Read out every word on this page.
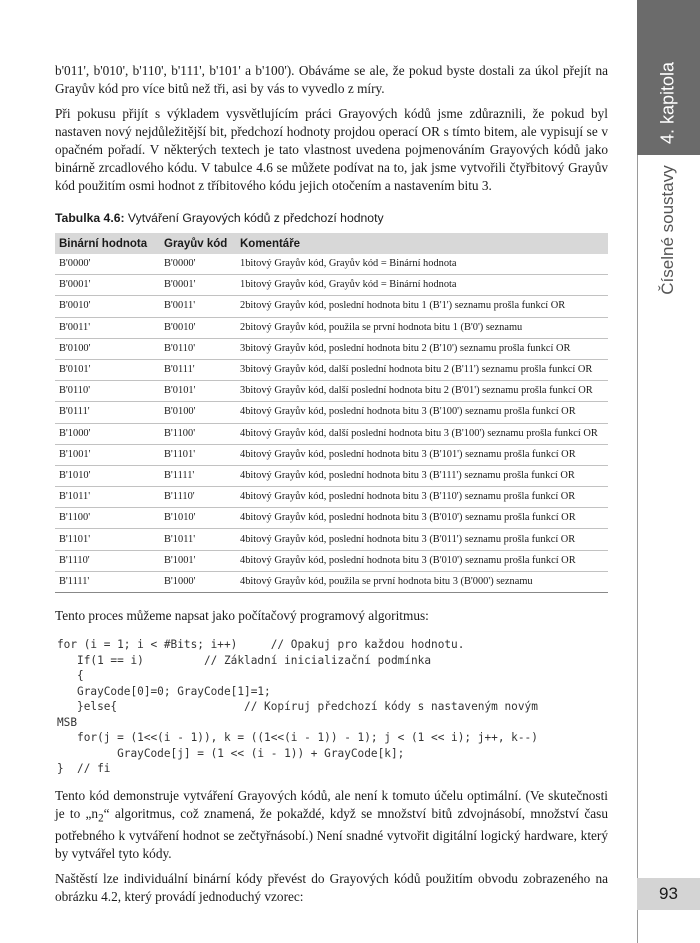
4. kapitola
Číselné soustavy
93

b'011', b'010', b'110', b'111', b'101' a b'100'). Obáváme se ale, že pokud byste dostali za úkol přejít na Grayův kód pro více bitů než tři, asi by vás to vyvedlo z míry.

Při pokusu přijít s výkladem vysvětlujícím práci Grayových kódů jsme zdůraznili, že pokud byl nastaven nový nejdůležitější bit, předchozí hodnoty projdou operací OR s tímto bitem, ale vypisují se v opačném pořadí. V některých textech je tato vlastnost uvedena pojmenováním Grayových kódů jako binárně zrcadlového kódu. V tabulce 4.6 se můžete podívat na to, jak jsme vytvořili čtyřbitový Grayův kód použitím osmi hodnot z tříbitového kódu jejich otočením a nastavením bitu 3.

Tabulka 4.6: Vytváření Grayových kódů z předchozí hodnoty
Binární hodnota	Grayův kód	Komentáře
B'0000'	B'0000'	1bitový Grayův kód, Grayův kód = Binární hodnota
B'0001'	B'0001'	1bitový Grayův kód, Grayův kód = Binární hodnota
B'0010'	B'0011'	2bitový Grayův kód, poslední hodnota bitu 1 (B'1') seznamu prošla funkcí OR
B'0011'	B'0010'	2bitový Grayův kód, použila se první hodnota bitu 1 (B'0') seznamu
B'0100'	B'0110'	3bitový Grayův kód, poslední hodnota bitu 2 (B'10') seznamu prošla funkcí OR
B'0101'	B'0111'	3bitový Grayův kód, další poslední hodnota bitu 2 (B'11') seznamu prošla funkcí OR
B'0110'	B'0101'	3bitový Grayův kód, další poslední hodnota bitu 2 (B'01') seznamu prošla funkcí OR
B'0111'	B'0100'	4bitový Grayův kód, poslední hodnota bitu 3 (B'100') seznamu prošla funkcí OR
B'1000'	B'1100'	4bitový Grayův kód, další poslední hodnota bitu 3 (B'100') seznamu prošla funkcí OR
B'1001'	B'1101'	4bitový Grayův kód, poslední hodnota bitu 3 (B'101') seznamu prošla funkcí OR
B'1010'	B'1111'	4bitový Grayův kód, poslední hodnota bitu 3 (B'111') seznamu prošla funkcí OR
B'1011'	B'1110'	4bitový Grayův kód, poslední hodnota bitu 3 (B'110') seznamu prošla funkcí OR
B'1100'	B'1010'	4bitový Grayův kód, poslední hodnota bitu 3 (B'010') seznamu prošla funkcí OR
B'1101'	B'1011'	4bitový Grayův kód, poslední hodnota bitu 3 (B'011') seznamu prošla funkcí OR
B'1110'	B'1001'	4bitový Grayův kód, poslední hodnota bitu 3 (B'010') seznamu prošla funkcí OR
B'1111'	B'1000'	4bitový Grayův kód, použila se první hodnota bitu 3 (B'000') seznamu

Tento proces můžeme napsat jako počítačový programový algoritmus:

for (i = 1; i < #Bits; i++)     // Opakuj pro každou hodnotu.
If(1 == i)         // Základní inicializační podmínka
{
GrayCode[0]=0; GrayCode[1]=1;
}else{                   // Kopíruj předchozí kódy s nastaveným novým
MSB
for(j = (1<<(i - 1)), k = ((1<<(i - 1)) - 1); j < (1 << i); j++, k--)
GrayCode[j] = (1 << (i - 1)) + GrayCode[k];
}  // fi

Tento kód demonstruje vytváření Grayových kódů, ale není k tomuto účelu optimální. (Ve skutečnosti je to $„n_2“$ algoritmus, což znamená, že pokaždé, když se množství bitů zdvojnásobí, množství času potřebného k vytváření hodnot se zečtyřnásobí.) Není snadné vytvořit digitální logický hardware, který by vytvářel tyto kódy.

Naštěstí lze individuální binární kódy převést do Grayových kódů použitím obvodu zobrazeného na obrázku 4.2, který provádí jednoduchý vzorec:
